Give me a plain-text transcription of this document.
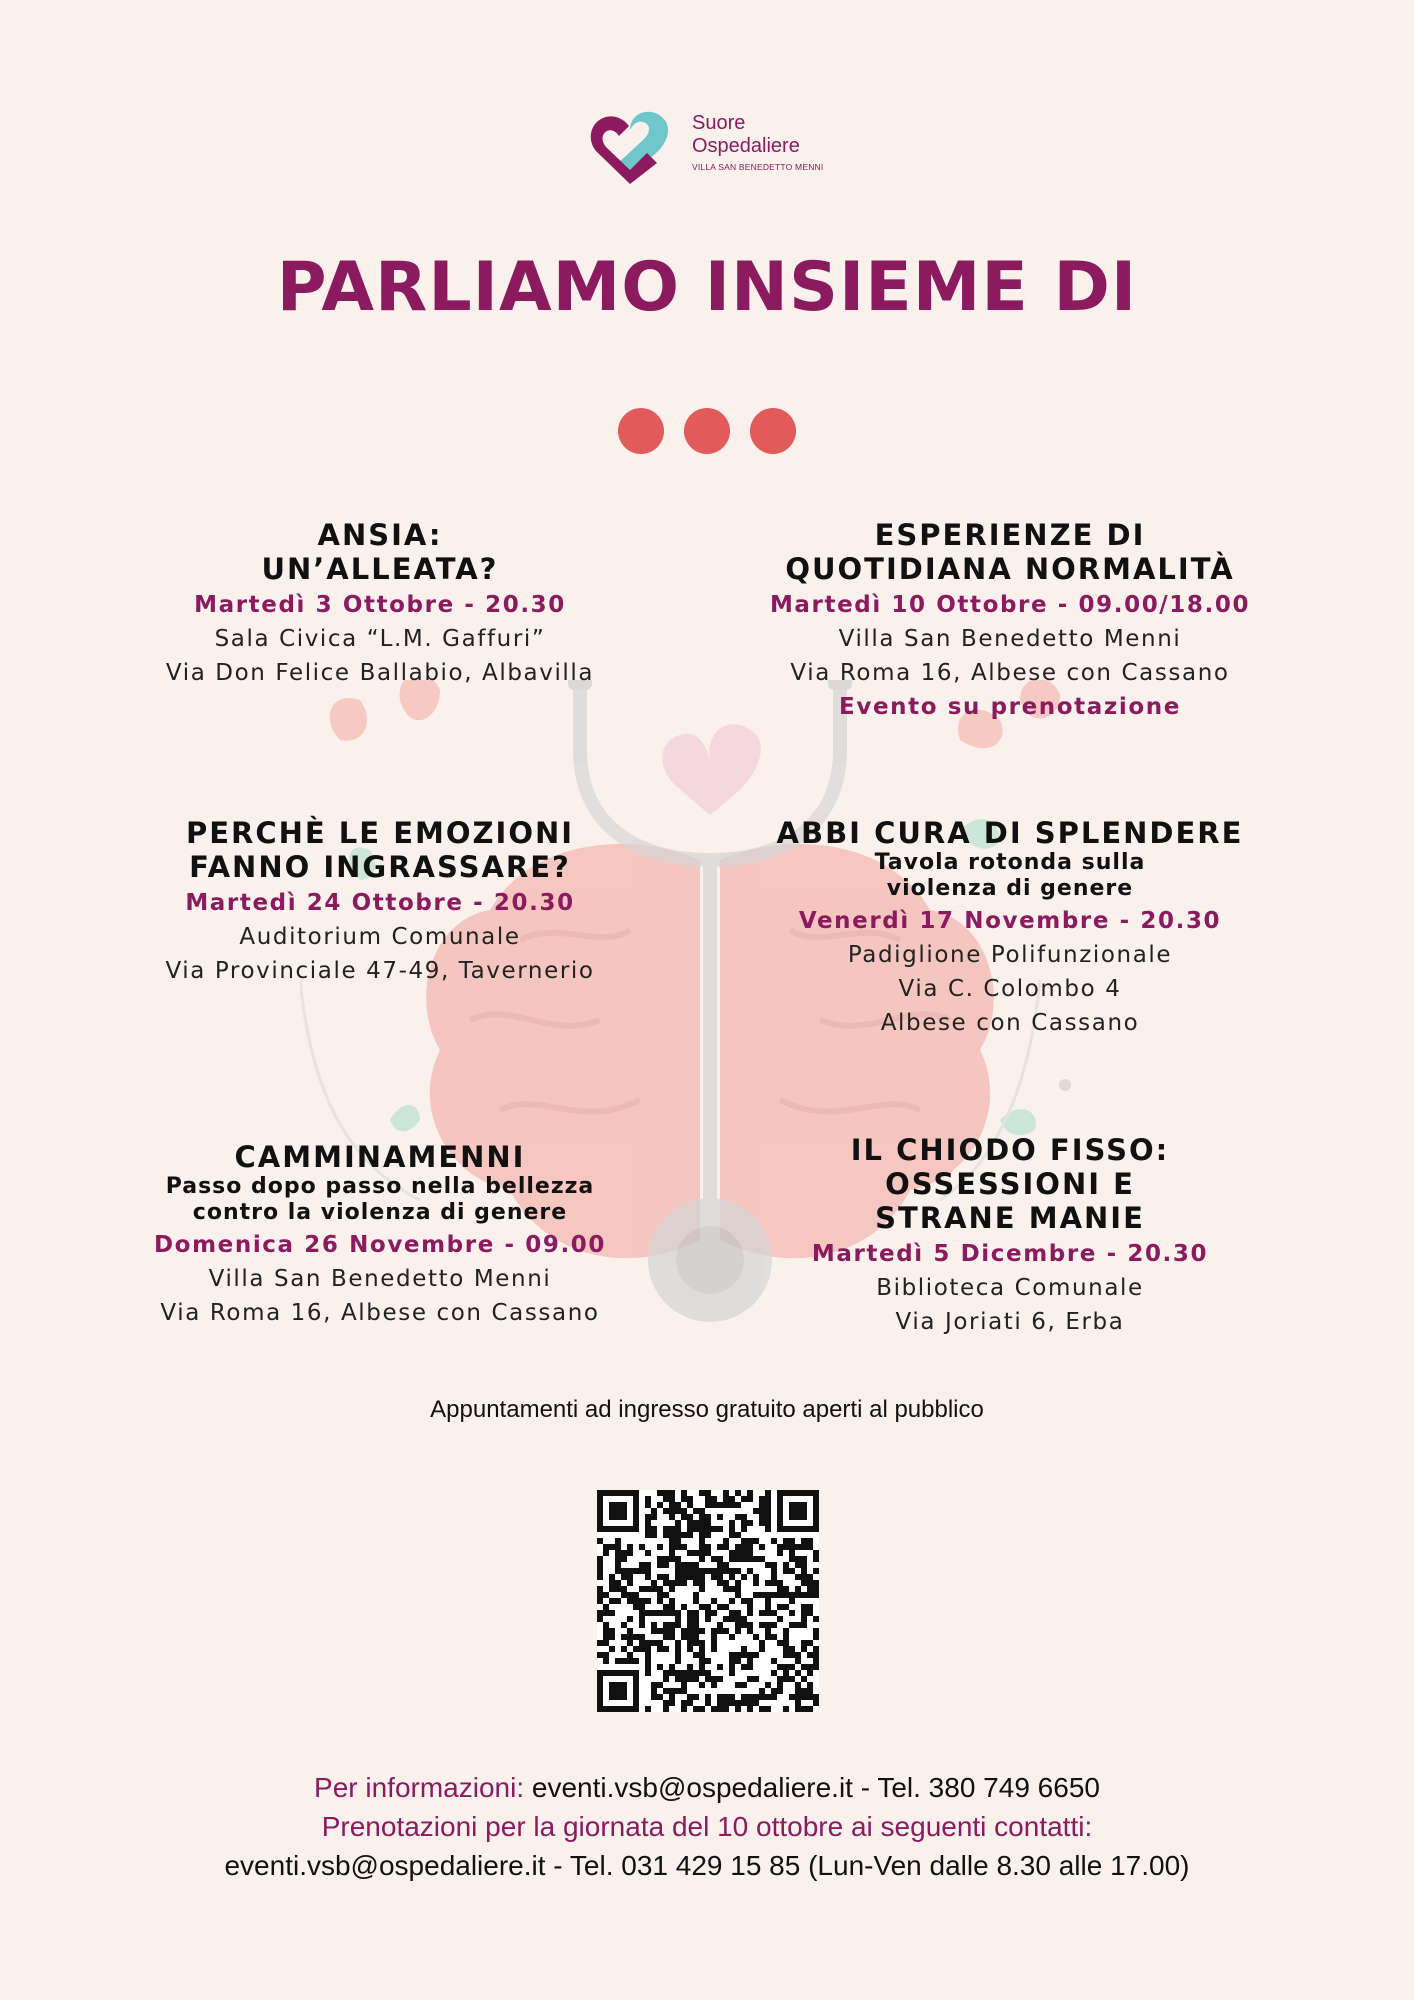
Suore
Ospedaliere
VILLA SAN BENEDETTO MENNI
PARLIAMO INSIEME DI
ANSIA:
UN’ALLEATA?
Martedì 3 Ottobre - 20.30
Sala Civica “L.M. Gaffuri”
Via Don Felice Ballabio, Albavilla
ESPERIENZE DI
QUOTIDIANA NORMALITÀ
Martedì 10 Ottobre - 09.00/18.00
Villa San Benedetto Menni
Via Roma 16, Albese con Cassano
Evento su prenotazione
PERCHÈ LE EMOZIONI
FANNO INGRASSARE?
Martedì 24 Ottobre - 20.30
Auditorium Comunale
Via Provinciale 47-49, Tavernerio
ABBI CURA DI SPLENDERE
Tavola rotonda sulla
violenza di genere
Venerdì 17 Novembre - 20.30
Padiglione Polifunzionale
Via C. Colombo 4
Albese con Cassano
CAMMINAMENNI
Passo dopo passo nella bellezza
contro la violenza di genere
Domenica 26 Novembre - 09.00
Villa San Benedetto Menni
Via Roma 16, Albese con Cassano
IL CHIODO FISSO:
OSSESSIONI E
STRANE MANIE
Martedì 5 Dicembre - 20.30
Biblioteca Comunale
Via Joriati 6, Erba
Appuntamenti ad ingresso gratuito aperti al pubblico
Per informazioni: eventi.vsb@ospedaliere.it - Tel. 380 749 6650
Prenotazioni per la giornata del 10 ottobre ai seguenti contatti:
eventi.vsb@ospedaliere.it - Tel. 031 429 15 85 (Lun-Ven dalle 8.30 alle 17.00)
